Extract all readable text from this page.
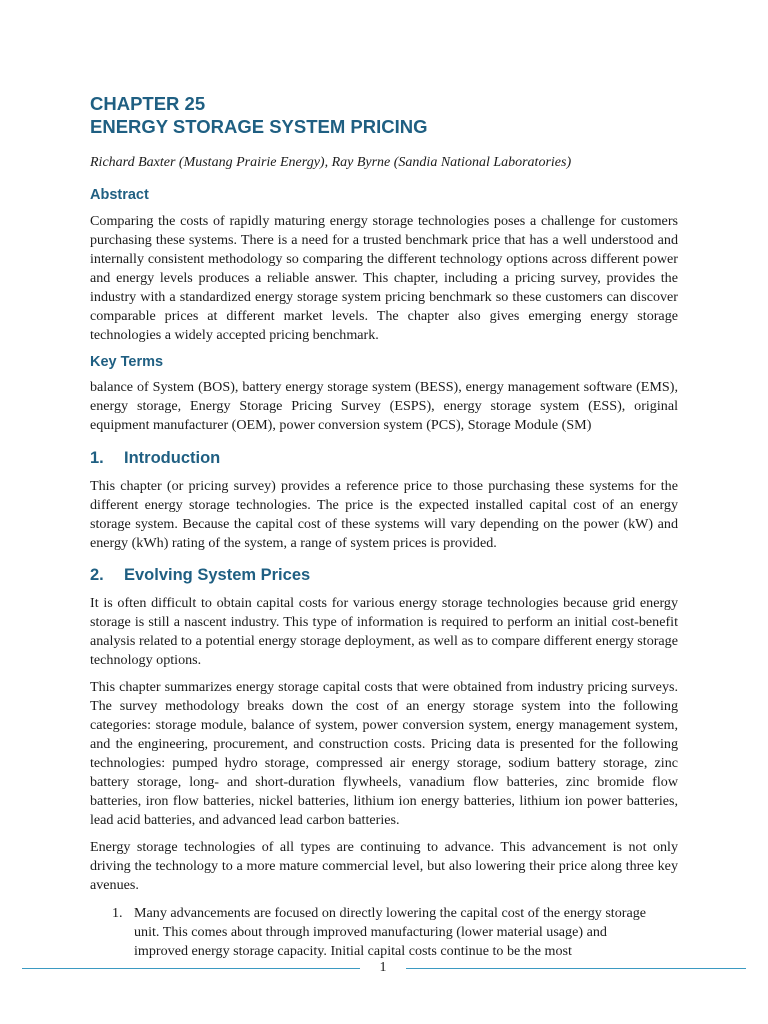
CHAPTER 25
ENERGY STORAGE SYSTEM PRICING

Richard Baxter (Mustang Prairie Energy), Ray Byrne (Sandia National Laboratories)

Abstract

Comparing the costs of rapidly maturing energy storage technologies poses a challenge for customers purchasing these systems. There is a need for a trusted benchmark price that has a well understood and internally consistent methodology so comparing the different technology options across different power and energy levels produces a reliable answer. This chapter, including a pricing survey, provides the industry with a standardized energy storage system pricing benchmark so these customers can discover comparable prices at different market levels. The chapter also gives emerging energy storage technologies a widely accepted pricing benchmark.

Key Terms

balance of System (BOS), battery energy storage system (BESS), energy management software (EMS), energy storage, Energy Storage Pricing Survey (ESPS), energy storage system (ESS), original equipment manufacturer (OEM), power conversion system (PCS), Storage Module (SM)

1. Introduction

This chapter (or pricing survey) provides a reference price to those purchasing these systems for the different energy storage technologies. The price is the expected installed capital cost of an energy storage system. Because the capital cost of these systems will vary depending on the power (kW) and energy (kWh) rating of the system, a range of system prices is provided.

2. Evolving System Prices

It is often difficult to obtain capital costs for various energy storage technologies because grid energy storage is still a nascent industry. This type of information is required to perform an initial cost-benefit analysis related to a potential energy storage deployment, as well as to compare different energy storage technology options.

This chapter summarizes energy storage capital costs that were obtained from industry pricing surveys. The survey methodology breaks down the cost of an energy storage system into the following categories: storage module, balance of system, power conversion system, energy management system, and the engineering, procurement, and construction costs. Pricing data is presented for the following technologies: pumped hydro storage, compressed air energy storage, sodium battery storage, zinc battery storage, long- and short-duration flywheels, vanadium flow batteries, zinc bromide flow batteries, iron flow batteries, nickel batteries, lithium ion energy batteries, lithium ion power batteries, lead acid batteries, and advanced lead carbon batteries.

Energy storage technologies of all types are continuing to advance. This advancement is not only driving the technology to a more mature commercial level, but also lowering their price along three key avenues.

1. Many advancements are focused on directly lowering the capital cost of the energy storage unit. This comes about through improved manufacturing (lower material usage) and improved energy storage capacity. Initial capital costs continue to be the most
1
